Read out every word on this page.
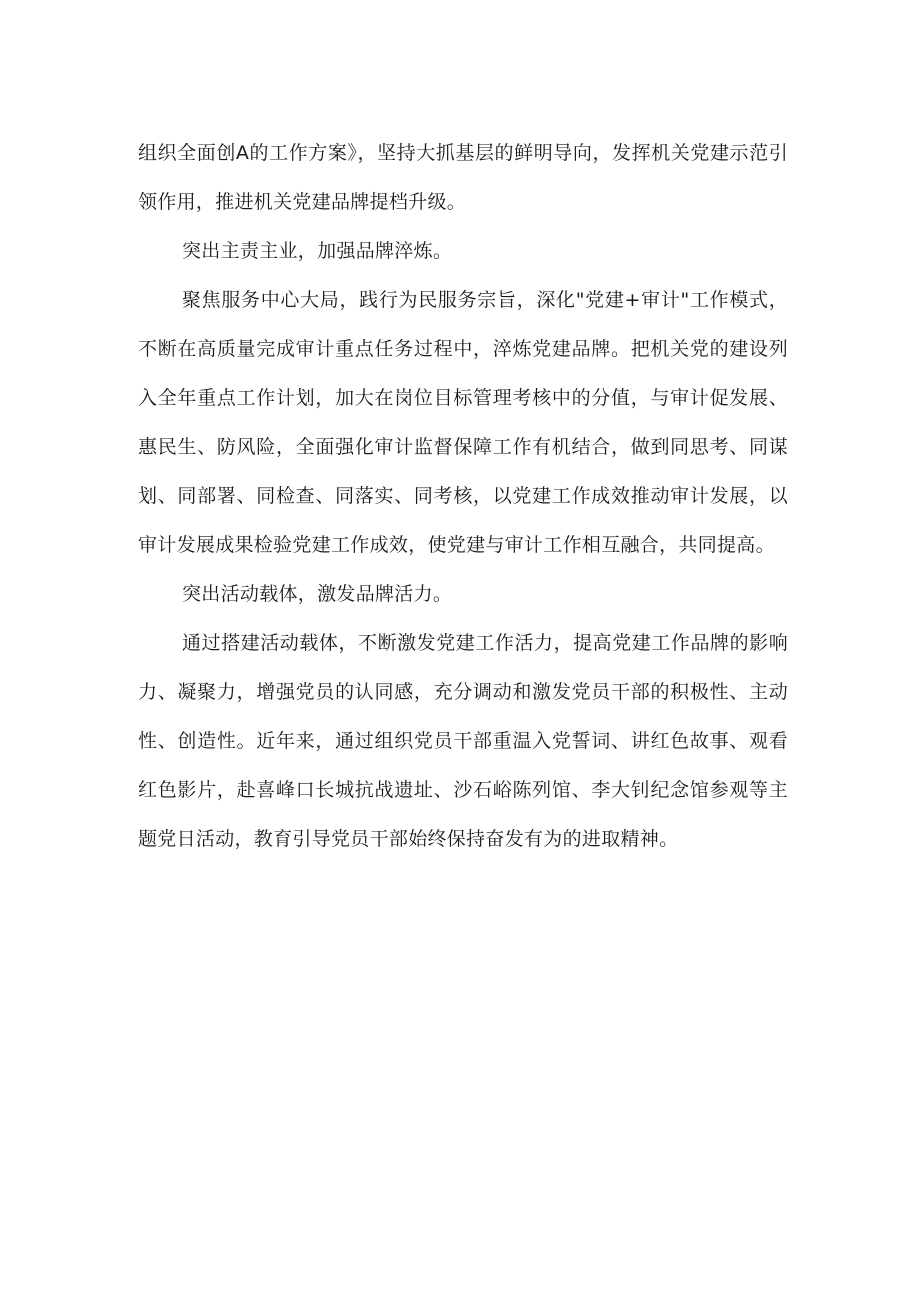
组织全面创A的工作方案》，坚持大抓基层的鲜明导向，发挥机关党建示范引领作用，推进机关党建品牌提档升级。

突出主责主业，加强品牌淬炼。

聚焦服务中心大局，践行为民服务宗旨，深化"党建+审计"工作模式，不断在高质量完成审计重点任务过程中，淬炼党建品牌。把机关党的建设列入全年重点工作计划，加大在岗位目标管理考核中的分值，与审计促发展、惠民生、防风险，全面强化审计监督保障工作有机结合，做到同思考、同谋划、同部署、同检查、同落实、同考核，以党建工作成效推动审计发展，以审计发展成果检验党建工作成效，使党建与审计工作相互融合，共同提高。

突出活动载体，激发品牌活力。

通过搭建活动载体，不断激发党建工作活力，提高党建工作品牌的影响力、凝聚力，增强党员的认同感，充分调动和激发党员干部的积极性、主动性、创造性。近年来，通过组织党员干部重温入党誓词、讲红色故事、观看红色影片，赴喜峰口长城抗战遗址、沙石峪陈列馆、李大钊纪念馆参观等主题党日活动，教育引导党员干部始终保持奋发有为的进取精神。
